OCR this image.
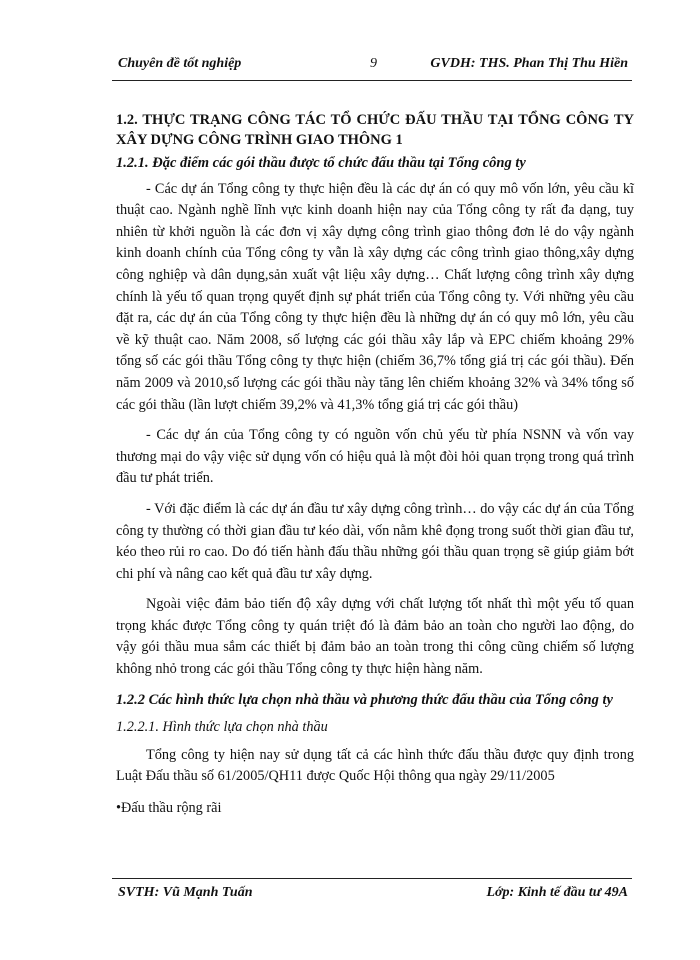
Chuyên đề tốt nghiệp	9	GVDH: THS. Phan Thị Thu Hiền
1.2. THỰC TRẠNG CÔNG TÁC TỔ CHỨC ĐẤU THẦU TẠI TỔNG CÔNG TY XÂY DỰNG CÔNG TRÌNH GIAO THÔNG 1
1.2.1. Đặc điểm các gói thầu được tổ chức đấu thầu tại Tổng công ty

- Các dự án Tổng công ty thực hiện đều là các dự án có quy mô vốn lớn, yêu cầu kĩ thuật cao. Ngành nghề lĩnh vực kinh doanh hiện nay của Tổng công ty rất đa dạng, tuy nhiên từ khởi nguồn là các đơn vị xây dựng công trình giao thông đơn lẻ do vậy ngành kinh doanh chính của Tổng công ty vẫn là xây dựng các công trình giao thông,xây dựng công nghiệp và dân dụng,sản xuất vật liệu xây dựng… Chất lượng công trình xây dựng chính là yếu tố quan trọng quyết định sự phát triển của Tổng công ty. Với những yêu cầu đặt ra, các dự án của Tổng công ty thực hiện đều là những dự án có quy mô lớn, yêu cầu về kỹ thuật cao. Năm 2008, số lượng các gói thầu xây lắp và EPC chiếm khoảng 29% tổng số các gói thầu Tổng công ty thực hiện (chiếm 36,7% tổng giá trị các gói thầu). Đến năm 2009 và 2010,số lượng các gói thầu này tăng lên chiếm khoảng 32% và 34% tổng số các gói thầu (lần lượt chiếm 39,2% và 41,3% tổng giá trị các gói thầu)

- Các dự án của Tổng công ty có nguồn vốn chủ yếu từ phía NSNN và vốn vay thương mại do vậy việc sử dụng vốn có hiệu quả là một đòi hỏi quan trọng trong quá trình đầu tư phát triển.

- Với đặc điểm là các dự án đầu tư xây dựng công trình… do vậy các dự án của Tổng công ty thường có thời gian đầu tư kéo dài, vốn nằm khê đọng trong suốt thời gian đầu tư, kéo theo rủi ro cao. Do đó tiến hành đấu thầu những gói thầu quan trọng sẽ giúp giảm bớt chi phí và nâng cao kết quả đầu tư xây dựng.

Ngoài việc đảm bảo tiến độ xây dựng với chất lượng tốt nhất thì một yếu tố quan trọng khác được Tổng công ty quán triệt đó là đảm bảo an toàn cho người lao động, do vậy gói thầu mua sắm các thiết bị đảm bảo an toàn trong thi công cũng chiếm số lượng không nhỏ trong các gói thầu Tổng công ty thực hiện hàng năm.

1.2.2 Các hình thức lựa chọn nhà thầu và phương thức đấu thầu của Tổng công ty
1.2.2.1. Hình thức lựa chọn nhà thầu

Tổng công ty hiện nay sử dụng tất cả các hình thức đấu thầu được quy định trong Luật Đấu thầu số 61/2005/QH11 được Quốc Hội thông qua ngày 29/11/2005

•Đấu thầu rộng rãi
SVTH: Vũ Mạnh Tuấn	Lớp: Kinh tế đầu tư 49A
